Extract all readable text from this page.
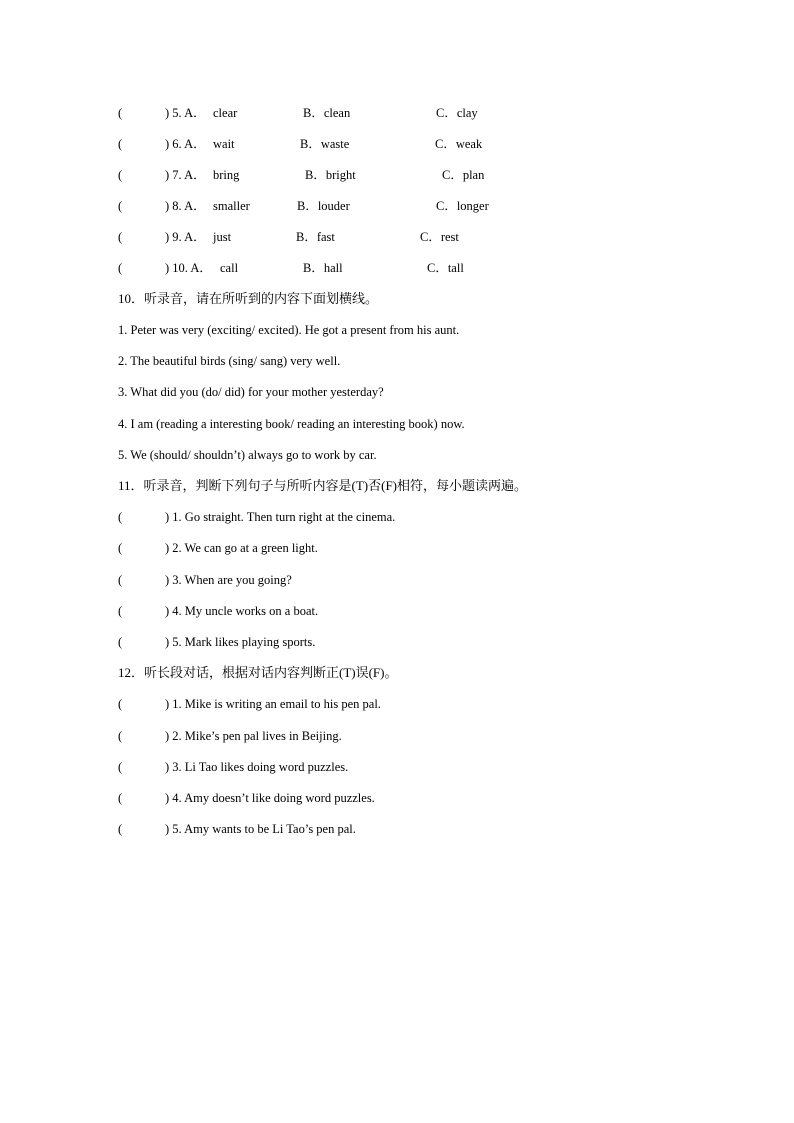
(	) 5. A． clear	B．clean	C．clay
(	) 6. A． wait	B．waste	C．weak
(	) 7. A． bring	B．bright	C．plan
(	) 8. A． smaller	B．louder	C．longer
(	) 9. A． just	B．fast	C．rest
(	) 10. A． call	B．hall	C．tall
10．听录音，请在所听到的内容下面划横线。
1. Peter was very (exciting/ excited). He got a present from his aunt.
2. The beautiful birds (sing/ sang) very well.
3. What did you (do/ did) for your mother yesterday?
4. I am (reading a interesting book/ reading an interesting book) now.
5. We (should/ shouldn’t) always go to work by car.
11．听录音，判断下列句子与所听内容是(T)否(F)相符，每小题读两遍。
(	) 1. Go straight. Then turn right at the cinema.
(	) 2. We can go at a green light.
(	) 3. When are you going?
(	) 4. My uncle works on a boat.
(	) 5. Mark likes playing sports.
12．听长段对话，根据对话内容判断正(T)误(F)。
(	) 1. Mike is writing an email to his pen pal.
(	) 2. Mike’s pen pal lives in Beijing.
(	) 3. Li Tao likes doing word puzzles.
(	) 4. Amy doesn’t like doing word puzzles.
(	) 5. Amy wants to be Li Tao’s pen pal.
